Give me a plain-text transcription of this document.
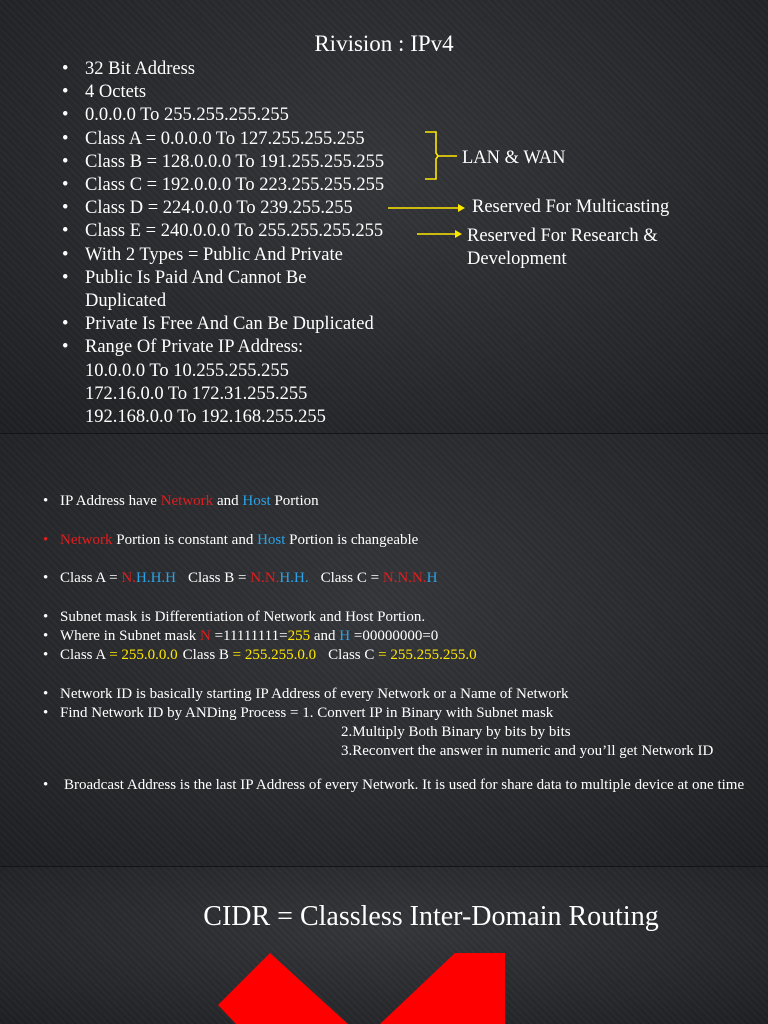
Rivision : IPv4
• 32 Bit Address
• 4 Octets
• 0.0.0.0 To 255.255.255.255
• Class A = 0.0.0.0 To 127.255.255.255
• Class B = 128.0.0.0 To 191.255.255.255
• Class C = 192.0.0.0 To 223.255.255.255
• Class D = 224.0.0.0 To 239.255.255
• Class E = 240.0.0.0 To 255.255.255.255
• With 2 Types = Public And Private
• Public Is Paid And Cannot Be
Duplicated
• Private Is Free And Can Be Duplicated
• Range Of Private IP Address:
10.0.0.0 To 10.255.255.255
172.16.0.0 To 172.31.255.255
192.168.0.0 To 192.168.255.255
LAN & WAN
Reserved For Multicasting
Reserved For Research &
Development
• IP Address have Network and Host Portion
• Network Portion is constant and Host Portion is changeable
• Class A = N.H.H.H Class B = N.N.H.H. Class C = N.N.N.H
• Subnet mask is Differentiation of Network and Host Portion.
• Where in Subnet mask N =11111111=255 and H =00000000=0
• Class A = 255.0.0.0 Class B = 255.255.0.0 Class C = 255.255.255.0
• Network ID is basically starting IP Address of every Network or a Name of Network
• Find Network ID by ANDing Process = 1. Convert IP in Binary with Subnet mask
2.Multiply Both Binary by bits by bits
3.Reconvert the answer in numeric and you’ll get Network ID
• Broadcast Address is the last IP Address of every Network. It is used for share data to multiple device at one time
CIDR = Classless Inter-Domain Routing
